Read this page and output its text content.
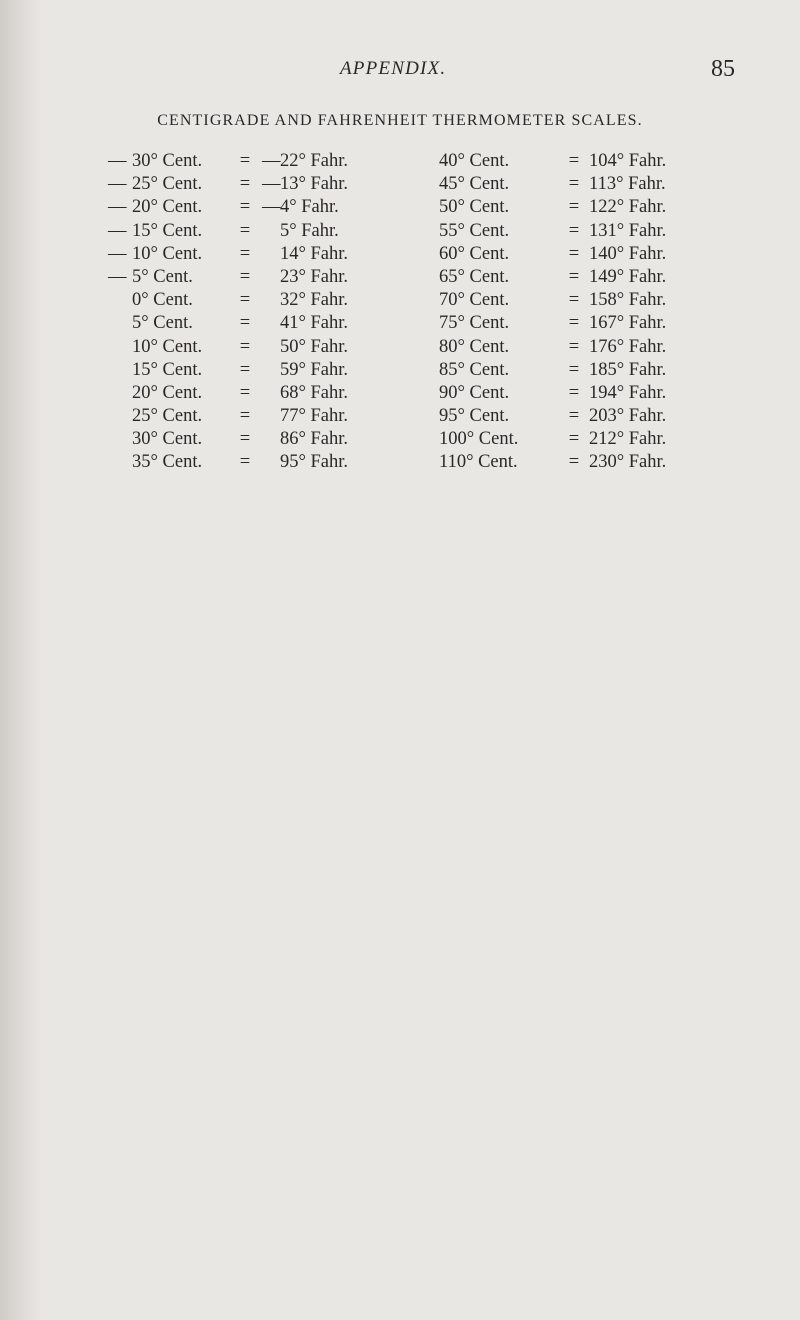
APPENDIX.	85
CENTIGRADE AND FAHRENHEIT THERMOMETER SCALES.
— 30° Cent.	= — 22° Fahr.
— 25° Cent.	= — 13° Fahr.
— 20° Cent.	= — 4° Fahr.
— 15° Cent.	= 5° Fahr.
— 10° Cent.	= 14° Fahr.
— 5° Cent.	= 23° Fahr.
0° Cent.	= 32° Fahr.
5° Cent.	= 41° Fahr.
10° Cent.	= 50° Fahr.
15° Cent.	= 59° Fahr.
20° Cent.	= 68° Fahr.
25° Cent.	= 77° Fahr.
30° Cent.	= 86° Fahr.
35° Cent.	= 95° Fahr.
40° Cent.	= 104° Fahr.
45° Cent.	= 113° Fahr.
50° Cent.	= 122° Fahr.
55° Cent.	= 131° Fahr.
60° Cent.	= 140° Fahr.
65° Cent.	= 149° Fahr.
70° Cent.	= 158° Fahr.
75° Cent.	= 167° Fahr.
80° Cent.	= 176° Fahr.
85° Cent.	= 185° Fahr.
90° Cent.	= 194° Fahr.
95° Cent.	= 203° Fahr.
100° Cent.	= 212° Fahr.
110° Cent.	= 230° Fahr.
